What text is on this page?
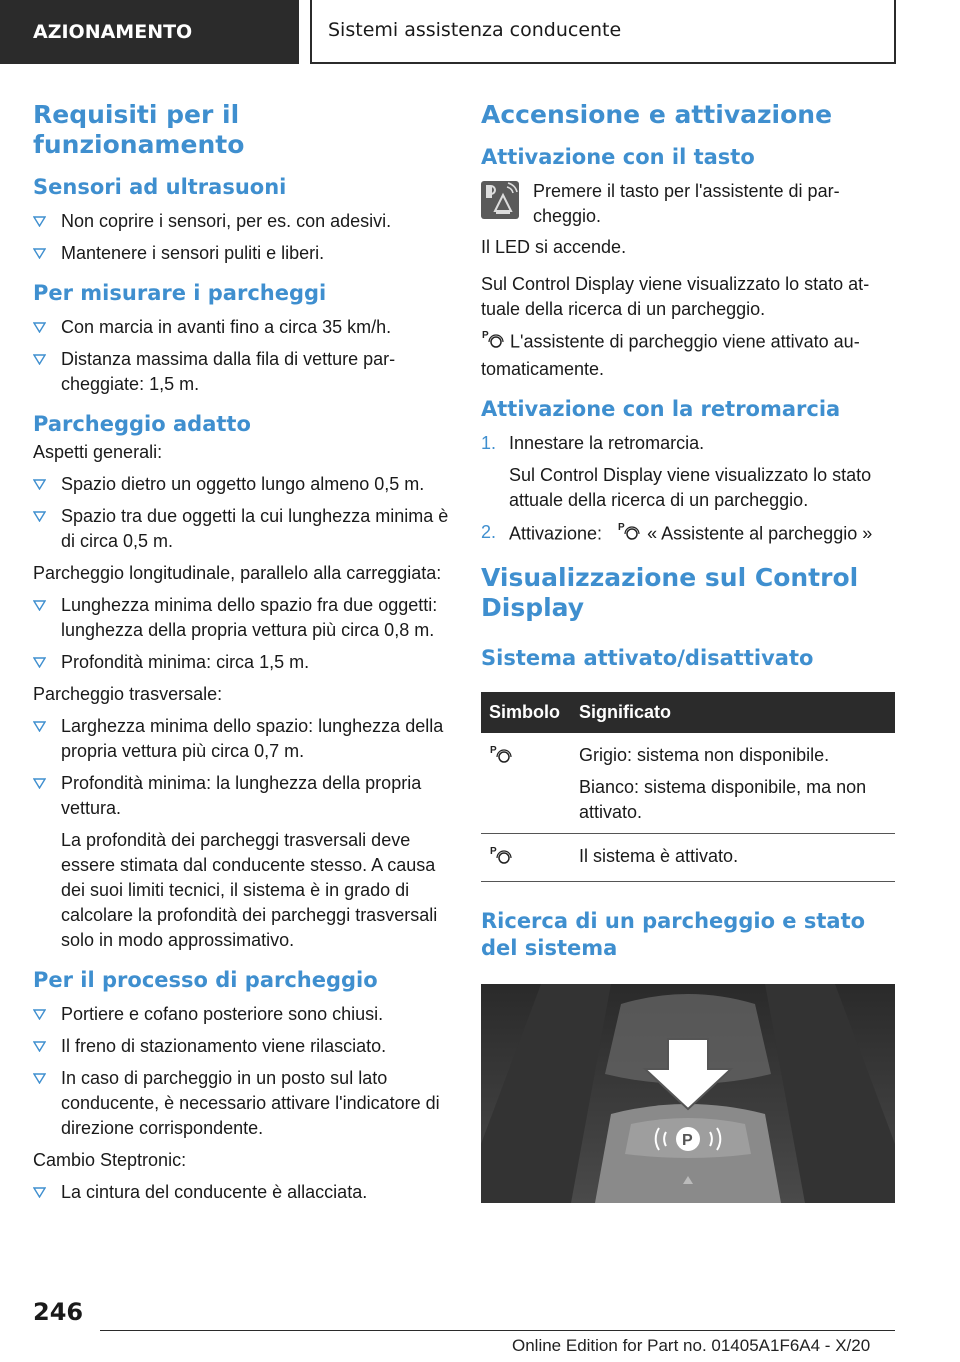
AZIONAMENTO	Sistemi assistenza conducente
Requisiti per il funzionamento
Sensori ad ultrasuoni
Non coprire i sensori, per es. con adesivi.
Mantenere i sensori puliti e liberi.
Per misurare i parcheggi
Con marcia in avanti fino a circa 35 km/h.
Distanza massima dalla fila di vetture parcheggiate: 1,5 m.
Parcheggio adatto

Aspetti generali:

Spazio dietro un oggetto lungo almeno 0,5 m.
Spazio tra due oggetti la cui lunghezza minima è di circa 0,5 m.

Parcheggio longitudinale, parallelo alla carreggiata:

Lunghezza minima dello spazio fra due oggetti: lunghezza della propria vettura più circa 0,8 m.
Profondità minima: circa 1,5 m.

Parcheggio trasversale:

Larghezza minima dello spazio: lunghezza della propria vettura più circa 0,7 m.
Profondità minima: la lunghezza della propria vettura.

La profondità dei parcheggi trasversali deve essere stimata dal conducente stesso. A causa dei suoi limiti tecnici, il sistema è in grado di calcolare la profondità dei parcheggi trasversali solo in modo approssimativo.

Per il processo di parcheggio
Portiere e cofano posteriore sono chiusi.
Il freno di stazionamento viene rilasciato.
In caso di parcheggio in un posto sul lato conducente, è necessario attivare l'indicatore di direzione corrispondente.

Cambio Steptronic:

La cintura del conducente è allacciata.
Accensione e attivazione
Attivazione con il tasto

Premere il tasto per l'assistente di parcheggio.

Il LED si accende.

Sul Control Display viene visualizzato lo stato attuale della ricerca di un parcheggio.

P L'assistente di parcheggio viene attivato automaticamente.

Attivazione con la retromarcia
1. Innestare la retromarcia.

Sul Control Display viene visualizzato lo stato attuale della ricerca di un parcheggio.

2. Attivazione: P « Assistente al parcheggio »
Visualizzazione sul Control Display
Sistema attivato/disattivato
Simbolo	Significato

P	Grigio: sistema non disponibile.

Bianco: sistema disponibile, ma non attivato.

P	Il sistema è attivato.

Ricerca di un parcheggio e stato del sistema
P
246
Online Edition for Part no. 01405A1F6A4 - X/20
